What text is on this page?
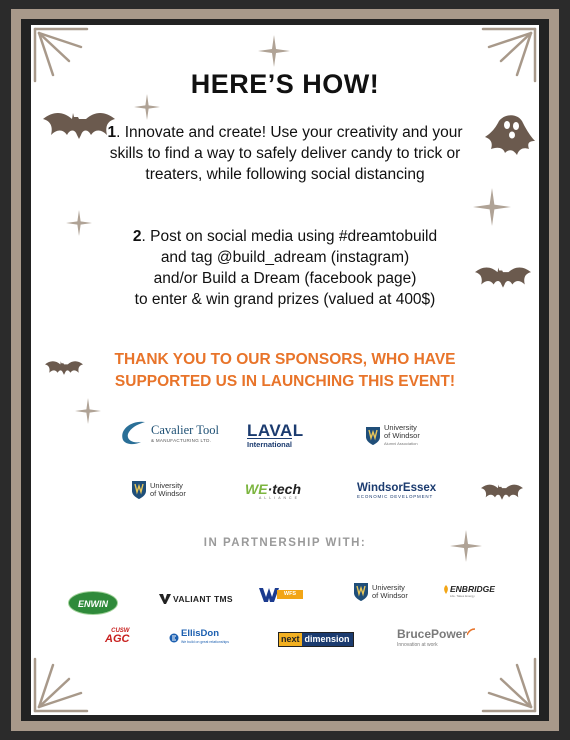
HERE’S HOW!
1. Innovate and create! Use your creativity and your skills to find a way to safely deliver candy to trick or treaters, while following social distancing
2. Post on social media using #dreamtobuild
and tag @build_adream (instagram)
and/or Build a Dream (facebook page)
to enter & win grand prizes (valued at 400$)
THANK YOU TO OUR SPONSORS, WHO HAVE
SUPPORTED US IN LAUNCHING THIS EVENT!
Cavalier Tool
& MANUFACTURING LTD.
LAVAL
International
University
of Windsor
Alumni Association
University
of Windsor	WE·tech
ALLIANCE
WindsorEssex
ECONOMIC DEVELOPMENT
IN PARTNERSHIP WITH:
ENWIN	VALIANT TMS	WFS
University
of Windsor
ENBRIDGE
Life. Takes Energy.
CUSW
AGC	EllisDon
We build on great relationships	next dimension	BrucePower
Innovation at work
